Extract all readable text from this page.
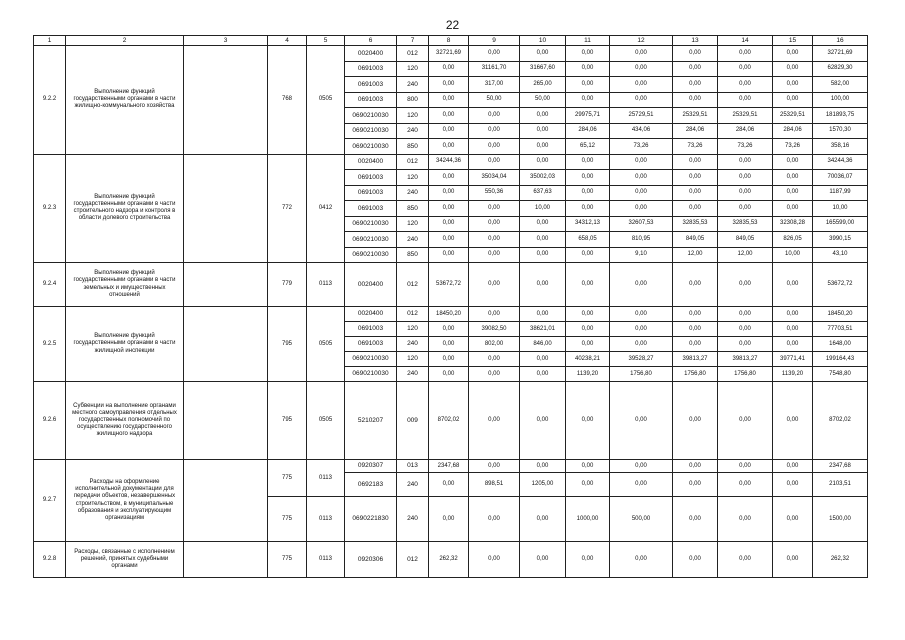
22
1	2	3	4	5	6	7	8	9	10	11	12	13	14	15	16
9.2.2	Выполнение функций государственными органами в части жилищно-коммунального хозяйства		768	0505	0020400	012	32721,69	0,00	0,00	0,00	0,00	0,00	0,00	0,00	32721,69
					0691003	120	0,00	31161,70	31667,60	0,00	0,00	0,00	0,00	0,00	62829,30
					0691003	240	0,00	317,00	265,00	0,00	0,00	0,00	0,00	0,00	582,00
					0691003	800	0,00	50,00	50,00	0,00	0,00	0,00	0,00	0,00	100,00
					0690210030	120	0,00	0,00	0,00	29975,71	25729,51	25329,51	25329,51	25329,51	181893,75
					0690210030	240	0,00	0,00	0,00	284,06	434,06	284,06	284,06	284,06	1570,30
					0690210030	850	0,00	0,00	0,00	65,12	73,26	73,26	73,26	73,26	358,16
9.2.3	Выполнение функций государственными органами в части строительного надзора и контроля в области долевого строительства		772	0412	0020400	012	34244,36	0,00	0,00	0,00	0,00	0,00	0,00	0,00	34244,36
					0691003	120	0,00	35034,04	35002,03	0,00	0,00	0,00	0,00	0,00	70036,07
					0691003	240	0,00	550,36	637,63	0,00	0,00	0,00	0,00	0,00	1187,99
					0691003	850	0,00	0,00	10,00	0,00	0,00	0,00	0,00	0,00	10,00
					0690210030	120	0,00	0,00	0,00	34312,13	32607,53	32835,53	32835,53	32308,28	165599,00
					0690210030	240	0,00	0,00	0,00	658,05	810,95	849,05	849,05	826,05	3990,15
					0690210030	850	0,00	0,00	0,00	0,00	9,10	12,00	12,00	10,00	43,10
9.2.4	Выполнение функций государственными органами в части земельных и имущественных отношений		779	0113	0020400	012	53672,72	0,00	0,00	0,00	0,00	0,00	0,00	0,00	53672,72
9.2.5	Выполнение функций государственными органами в части жилищной инспекции		795	0505	0020400	012	18450,20	0,00	0,00	0,00	0,00	0,00	0,00	0,00	18450,20
					0691003	120	0,00	39082,50	38621,01	0,00	0,00	0,00	0,00	0,00	77703,51
					0691003	240	0,00	802,00	846,00	0,00	0,00	0,00	0,00	0,00	1648,00
					0690210030	120	0,00	0,00	0,00	40238,21	39528,27	39813,27	39813,27	39771,41	199164,43
					0690210030	240	0,00	0,00	0,00	1139,20	1756,80	1756,80	1756,80	1139,20	7548,80
9.2.6	Субвенции на выполнение органами местного самоуправления отдельных государственных полномочий по осуществлению государственного жилищного надзора		795	0505	5210207	009	8702,02	0,00	0,00	0,00	0,00	0,00	0,00	0,00	8702,02
9.2.7	Расходы на оформление исполнительной документации для передачи объектов, незавершенных строительством, в муниципальные образования и эксплуатирующим организациям		775	0113	0920307	013	2347,68	0,00	0,00	0,00	0,00	0,00	0,00	0,00	2347,68
					0692183	240	0,00	898,51	1205,00	0,00	0,00	0,00	0,00	0,00	2103,51
			775	0113	0690221830	240	0,00	0,00	0,00	1000,00	500,00	0,00	0,00	0,00	1500,00
9.2.8	Расходы, связанные с исполнением решений, принятых судебными органами		775	0113	0920306	012	262,32	0,00	0,00	0,00	0,00	0,00	0,00	0,00	262,32
